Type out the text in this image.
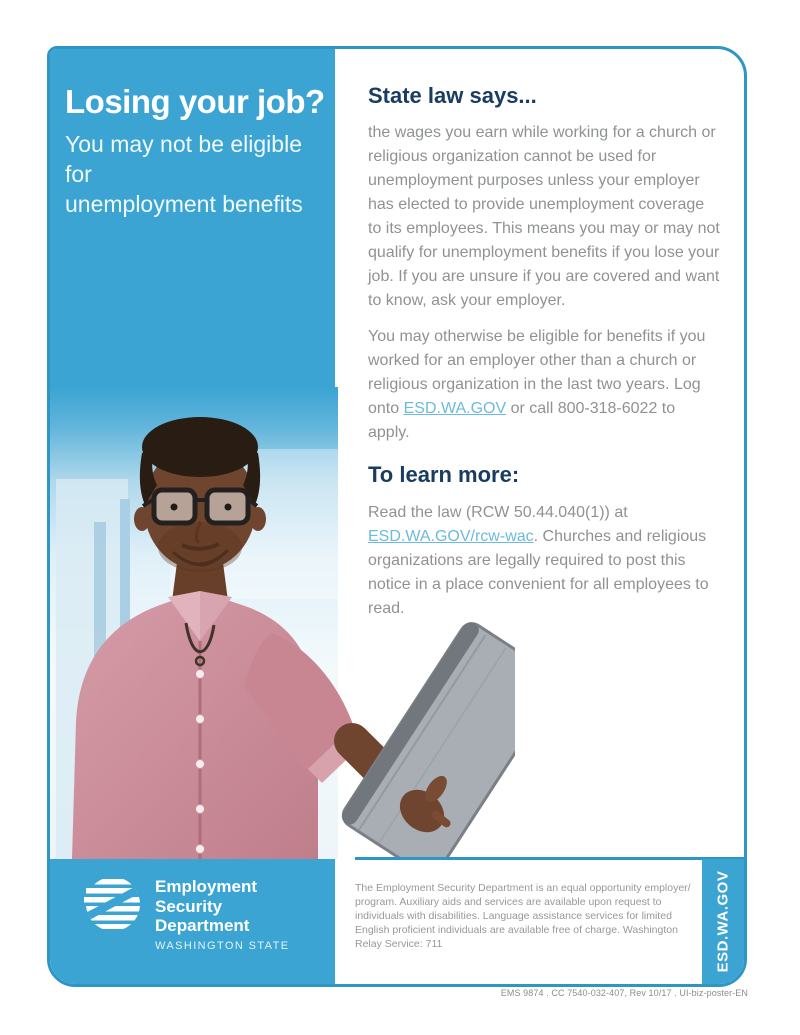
Losing your job?
You may not be eligible for
unemployment benefits
Employment
Security
Department
WASHINGTON STATE
State law says...
the wages you earn while working for a church or religious organization cannot be used for unemployment purposes unless your employer has elected to provide unemployment coverage to its employees. This means you may or may not qualify for unemployment benefits if you lose your job. If you are unsure if you are covered and want to know, ask your employer.
You may otherwise be eligible for benefits if you worked for an employer other than a church or religious organization in the last two years. Log onto ESD.WA.GOV or call 800-318-6022 to apply.
To learn more:
Read the law (RCW 50.44.040(1)) at ESD.WA.GOV/rcw-wac. Churches and religious organizations are legally required to post this notice in a place convenient for all employees to read.
The Employment Security Department is an equal opportunity employer/ program. Auxiliary aids and services are available upon request to individuals with disabilities. Language assistance services for limited English proficient individuals are available free of charge. Washington Relay Service: 711	ESD.WA.GOV
EMS 9874 . CC 7540-032-407, Rev 10/17 . UI-biz-poster-EN
